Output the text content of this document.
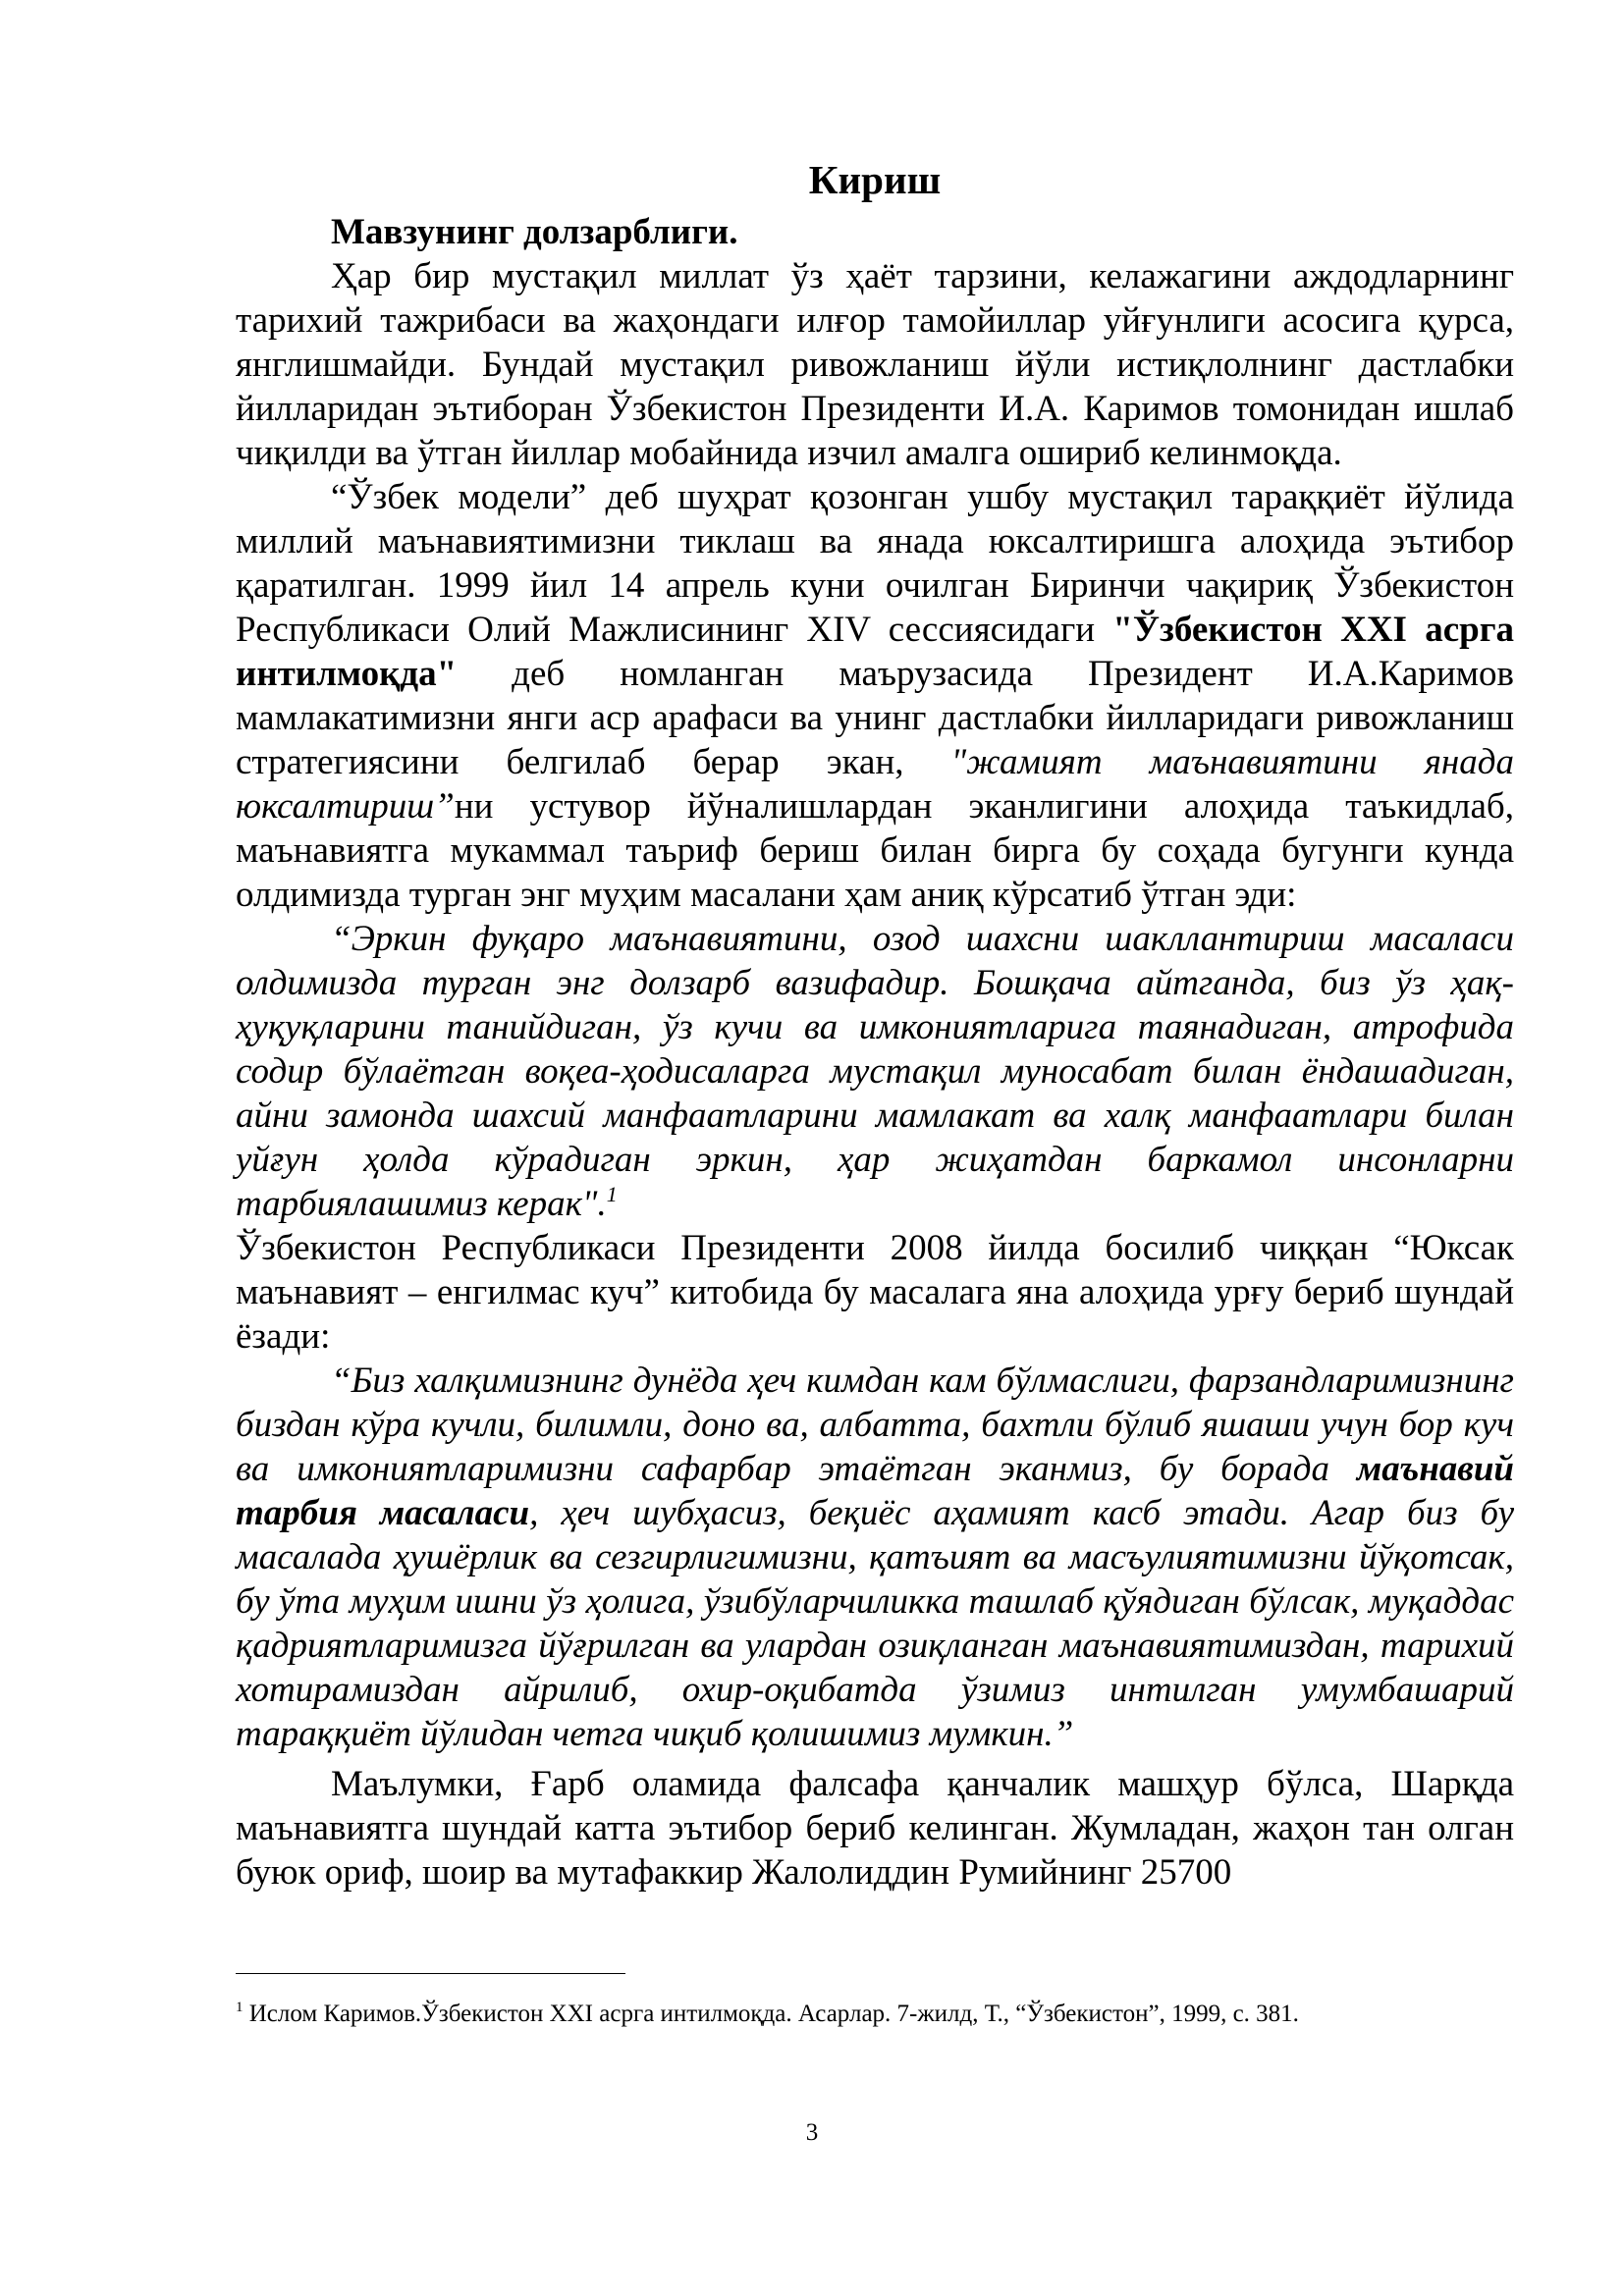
Кириш
Мавзунинг долзарблиги.

Ҳар бир мустақил миллат ўз ҳаёт тарзини, келажагини аждодларнинг тарихий тажрибаси ва жаҳондаги илғор тамойиллар уйғунлиги асосига қурса, янглишмайди. Бундай мустақил ривожланиш йўли истиқлолнинг дастлабки йилларидан эътиборан Ўзбекистон Президенти И.А. Каримов томонидан ишлаб чиқилди ва ўтган йиллар мобайнида изчил амалга ошириб келинмоқда.

“Ўзбек модели” деб шуҳрат қозонган ушбу мустақил тараққиёт йўлида миллий маънавиятимизни тиклаш ва янада юксалтиришга алоҳида эътибор қаратилган. 1999 йил 14 апрель куни очилган Биринчи чақириқ Ўзбекистон Республикаси Олий Мажлисининг XIV сессиясидаги "Ўзбекистон XXI асрга интилмоқда" деб номланган маърузасида Президент И.А.Каримов мамлакатимизни янги аср арафаси ва унинг дастлабки йилларидаги ривожланиш стратегиясини белгилаб берар экан, "жамият маънавиятини янада юксалтириш”ни устувор йўналишлардан эканлигини алоҳида таъкидлаб, маънавиятга мукаммал таъриф бериш билан бирга бу соҳада бугунги кунда олдимизда турган энг муҳим масалани ҳам аниқ кўрсатиб ўтган эди:

“Эркин фуқаро маънавиятини, озод шахсни шакллантириш масаласи олдимизда турган энг долзарб вазифадир. Бошқача айтганда, биз ўз ҳақ-ҳуқуқларини танийдиган, ўз кучи ва имкониятларига таянадиган, атрофида содир бўлаётган воқеа-ҳодисаларга мустақил муносабат билан ёндашадиган, айни замонда шахсий манфаатларини мамлакат ва халқ манфаатлари билан уйғун ҳолда кўрадиган эркин, ҳар жиҳатдан баркамол инсонларни тарбиялашимиз керак".$^1$

Ўзбекистон Республикаси Президенти 2008 йилда босилиб чиққан “Юксак маънавият – енгилмас куч” китобида бу масалага яна алоҳида урғу бериб шундай ёзади:

“Биз халқимизнинг дунёда ҳеч кимдан кам бўлмаслиги, фарзандларимизнинг биздан кўра кучли, билимли, доно ва, албатта, бахтли бўлиб яшаши учун бор куч ва имкониятларимизни сафарбар этаётган эканмиз, бу борада маънавий тарбия масаласи, ҳеч шубҳасиз, беқиёс аҳамият касб этади. Агар биз бу масалада ҳушёрлик ва сезгирлигимизни, қатъият ва масъулиятимизни йўқотсак, бу ўта муҳим ишни ўз ҳолига, ўзибўларчиликка ташлаб қўядиган бўлсак, муқаддас қадриятларимизга йўғрилган ва улардан озиқланган маънавиятимиздан, тарихий хотирамиздан айрилиб, охир-оқибатда ўзимиз интилган умумбашарий тараққиёт йўлидан четга чиқиб қолишимиз мумкин.”

Маълумки, Ғарб оламида фалсафа қанчалик машҳур бўлса, Шарқда маънавиятга шундай катта эътибор бериб келинган. Жумладан, жаҳон тан олган буюк ориф, шоир ва мутафаккир Жалолиддин Румийнинг 25700

$^1$ Ислом Каримов.Ўзбекистон XXI асрга интилмоқда. Асарлар. 7-жилд, Т., “Ўзбекистон”, 1999, с. 381.
3
